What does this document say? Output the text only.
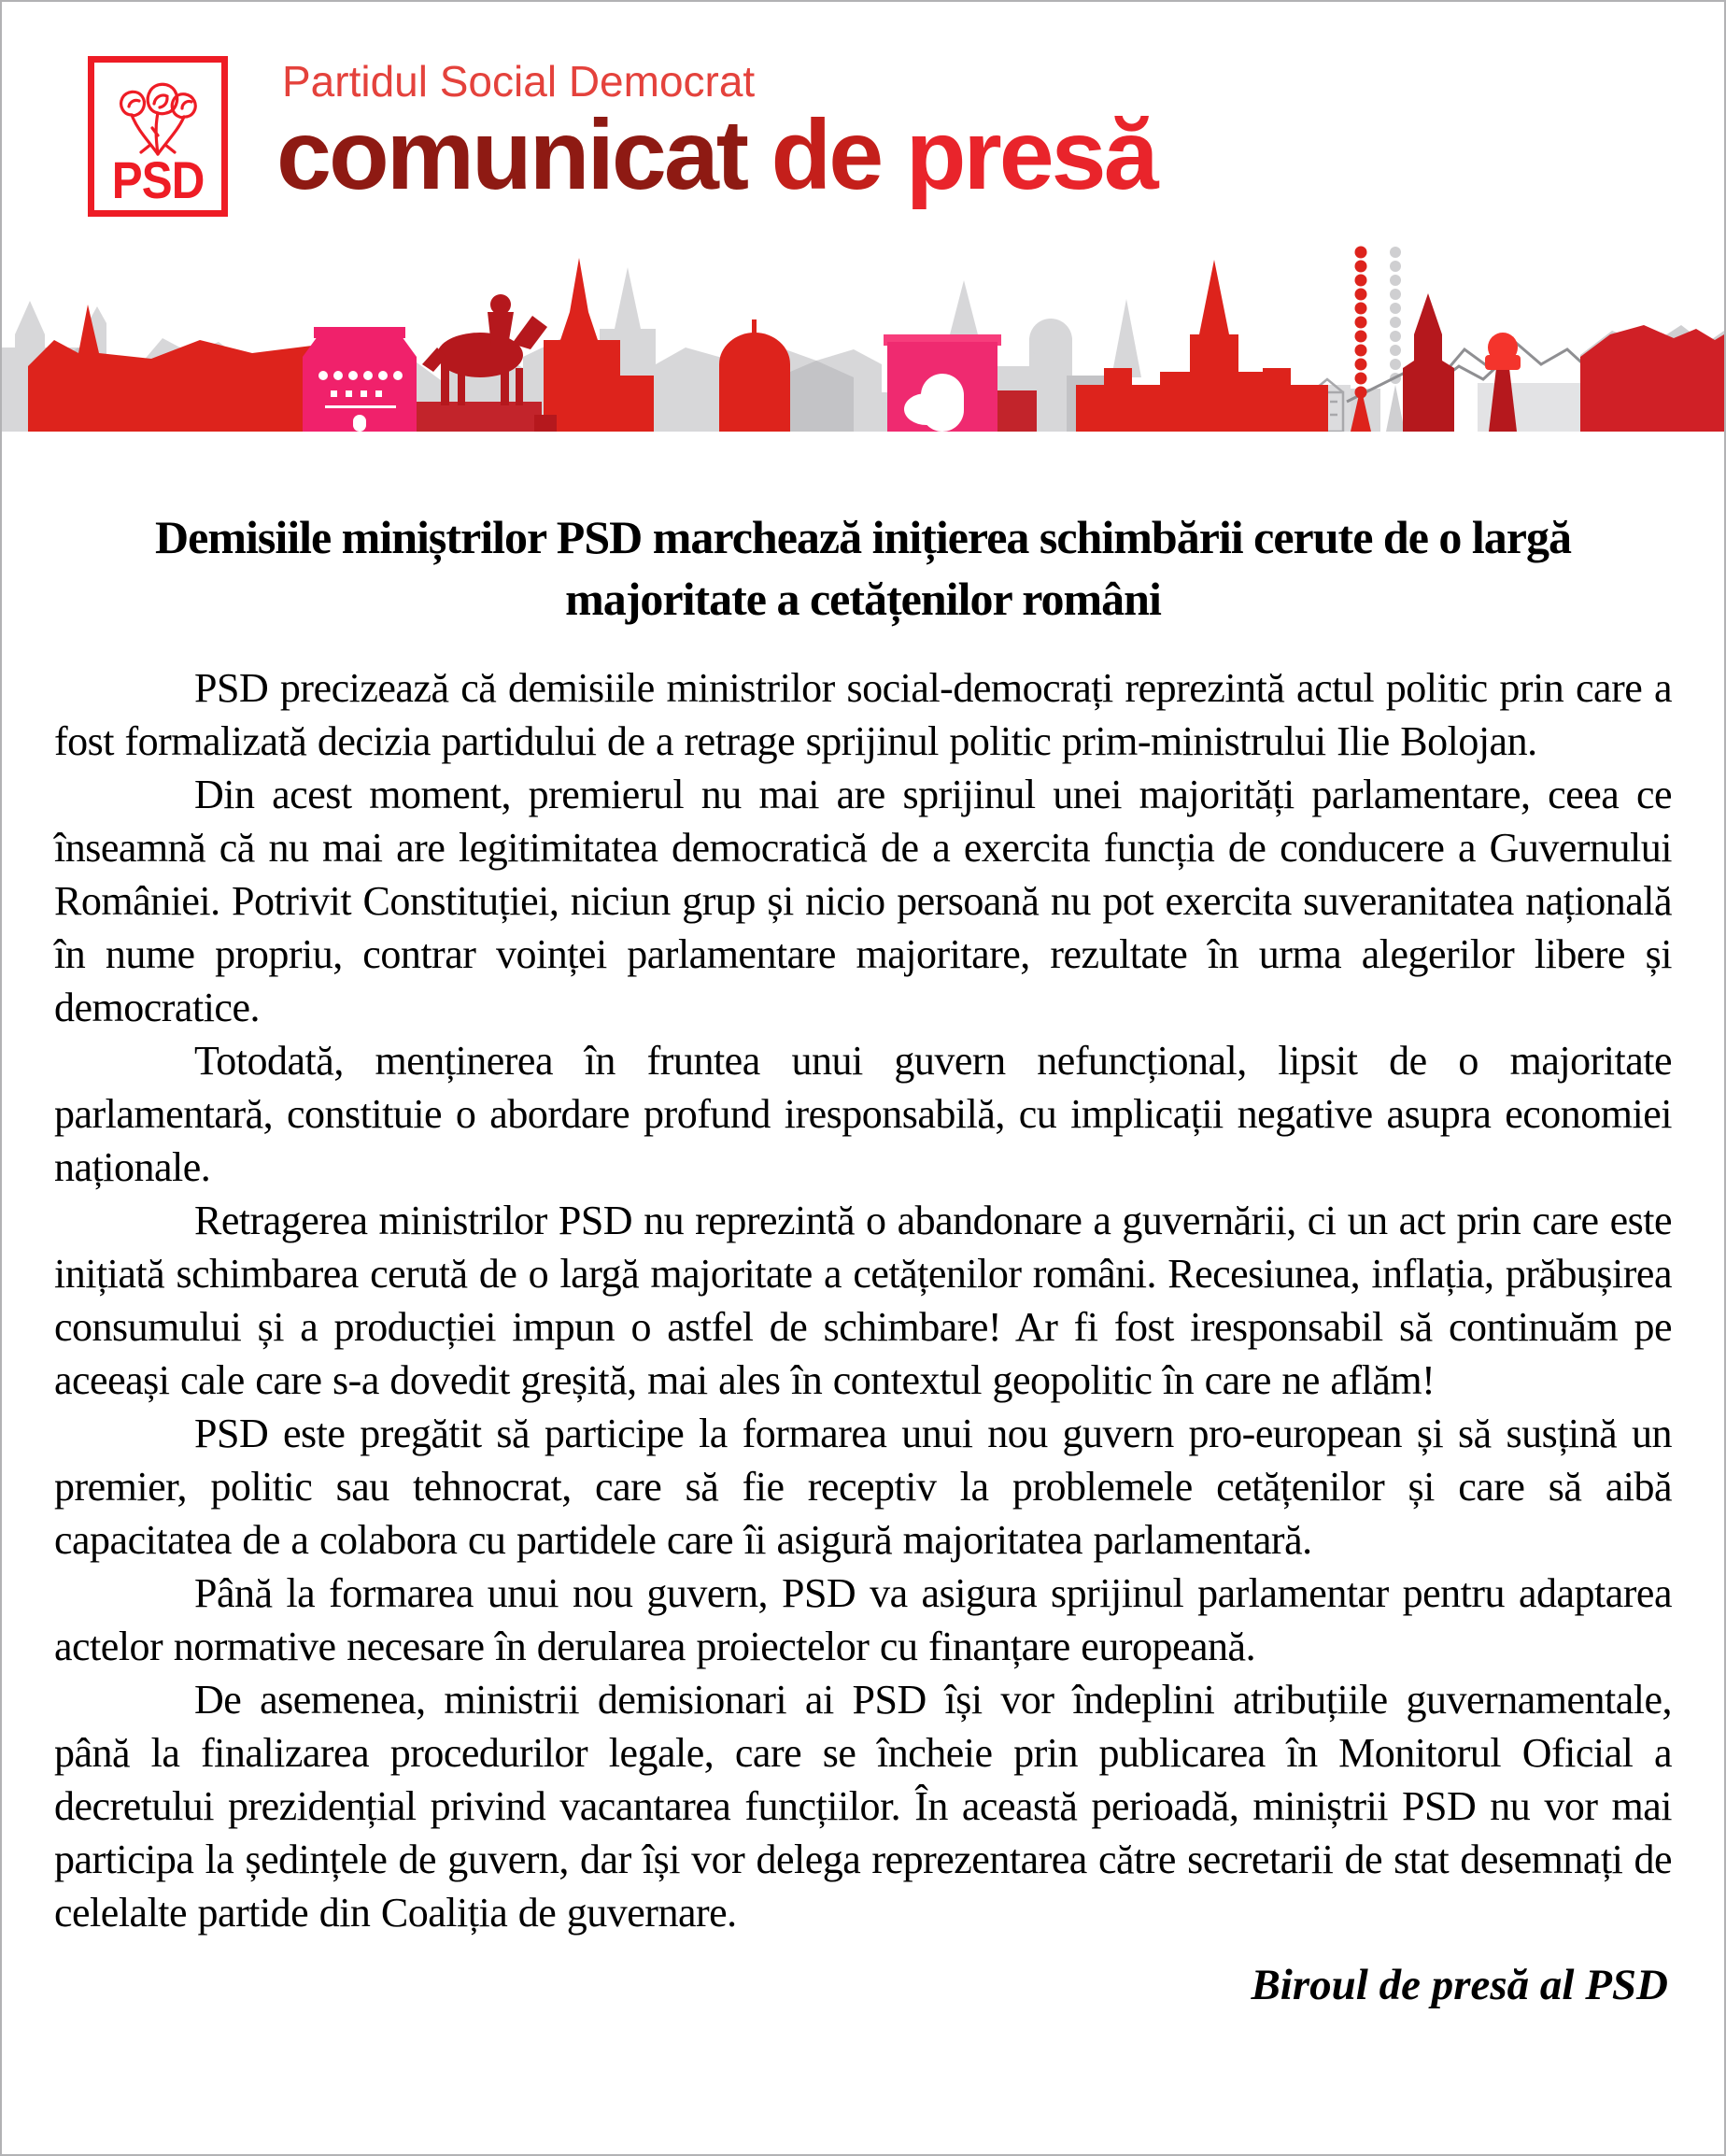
PSD
Partidul Social Democrat
comunicat de presă
Demisiile miniștrilor PSD marchează inițierea schimbării cerute de o largă majoritate a cetățenilor români

PSD precizează că demisiile ministrilor social-democrați reprezintă actul politic prin care a fost formalizată decizia partidului de a retrage sprijinul politic prim-ministrului Ilie Bolojan.

Din acest moment, premierul nu mai are sprijinul unei majorități parlamentare, ceea ce înseamnă că nu mai are legitimitatea democratică de a exercita funcția de conducere a Guvernului României. Potrivit Constituției, niciun grup și nicio persoană nu pot exercita suveranitatea națională în nume propriu, contrar voinței parlamentare majoritare, rezultate în urma alegerilor libere și democratice.

Totodată, menținerea în fruntea unui guvern nefuncțional, lipsit de o majoritate parlamentară, constituie o abordare profund iresponsabilă, cu implicații negative asupra economiei naționale.

Retragerea ministrilor PSD nu reprezintă o abandonare a guvernării, ci un act prin care este inițiată schimbarea cerută de o largă majoritate a cetățenilor români. Recesiunea, inflația, prăbușirea consumului și a producției impun o astfel de schimbare! Ar fi fost iresponsabil să continuăm pe aceeași cale care s-a dovedit greșită, mai ales în contextul geopolitic în care ne aflăm!

PSD este pregătit să participe la formarea unui nou guvern pro-european și să susțină un premier, politic sau tehnocrat, care să fie receptiv la problemele cetățenilor și care să aibă capacitatea de a colabora cu partidele care îi asigură majoritatea parlamentară.

Până la formarea unui nou guvern, PSD va asigura sprijinul parlamentar pentru adaptarea actelor normative necesare în derularea proiectelor cu finanțare europeană.

De asemenea, ministrii demisionari ai PSD își vor îndeplini atribuțiile guvernamentale, până la finalizarea procedurilor legale, care se încheie prin publicarea în Monitorul Oficial a decretului prezidențial privind vacantarea funcțiilor. În această perioadă, miniștrii PSD nu vor mai participa la ședințele de guvern, dar își vor delega reprezentarea către secretarii de stat desemnați de celelalte partide din Coaliția de guvernare.

Biroul de presă al PSD
